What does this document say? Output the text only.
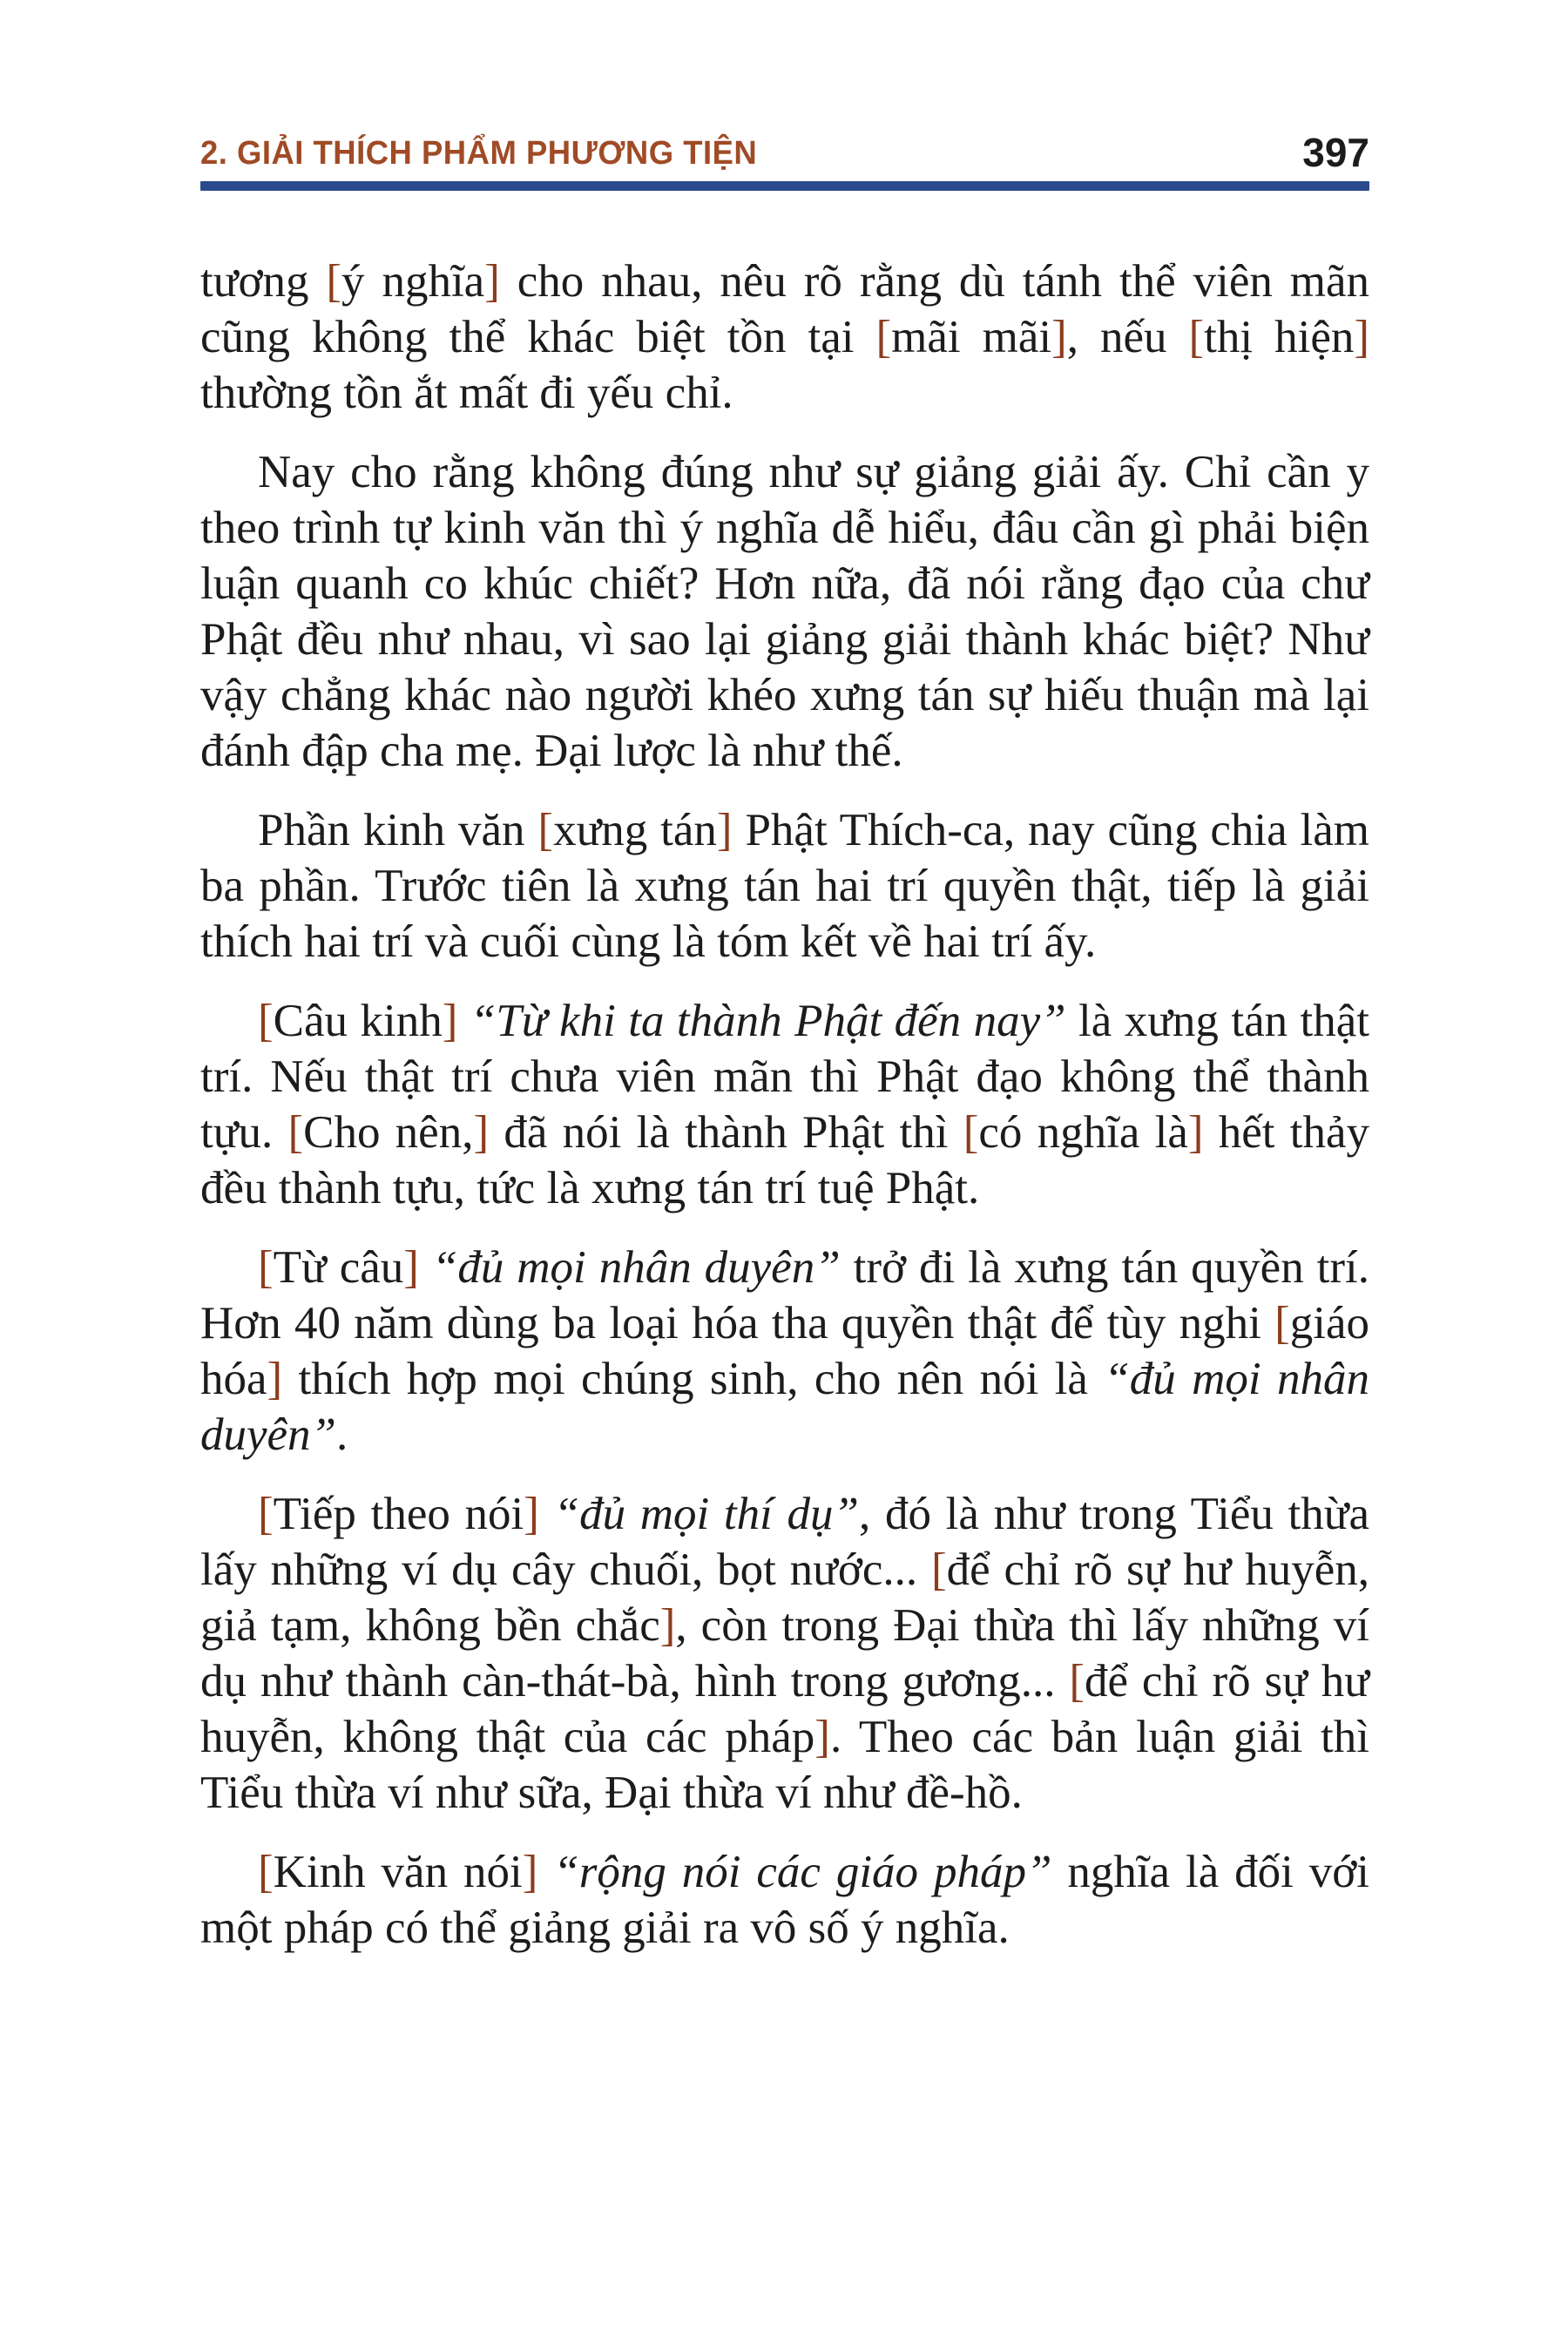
2. GIẢI THÍCH PHẨM PHƯƠNG TIỆN	397

tương [ý nghĩa] cho nhau, nêu rõ rằng dù tánh thể viên mãn cũng không thể khác biệt tồn tại [mãi mãi], nếu [thị hiện] thường tồn ắt mất đi yếu chỉ.

Nay cho rằng không đúng như sự giảng giải ấy. Chỉ cần y theo trình tự kinh văn thì ý nghĩa dễ hiểu, đâu cần gì phải biện luận quanh co khúc chiết? Hơn nữa, đã nói rằng đạo của chư Phật đều như nhau, vì sao lại giảng giải thành khác biệt? Như vậy chẳng khác nào người khéo xưng tán sự hiếu thuận mà lại đánh đập cha mẹ. Đại lược là như thế.

Phần kinh văn [xưng tán] Phật Thích-ca, nay cũng chia làm ba phần. Trước tiên là xưng tán hai trí quyền thật, tiếp là giải thích hai trí và cuối cùng là tóm kết về hai trí ấy.

[Câu kinh] “Từ khi ta thành Phật đến nay” là xưng tán thật trí. Nếu thật trí chưa viên mãn thì Phật đạo không thể thành tựu. [Cho nên,] đã nói là thành Phật thì [có nghĩa là] hết thảy đều thành tựu, tức là xưng tán trí tuệ Phật.

[Từ câu] “đủ mọi nhân duyên” trở đi là xưng tán quyền trí. Hơn 40 năm dùng ba loại hóa tha quyền thật để tùy nghi [giáo hóa] thích hợp mọi chúng sinh, cho nên nói là “đủ mọi nhân duyên”.

[Tiếp theo nói] “đủ mọi thí dụ”, đó là như trong Tiểu thừa lấy những ví dụ cây chuối, bọt nước... [để chỉ rõ sự hư huyễn, giả tạm, không bền chắc], còn trong Đại thừa thì lấy những ví dụ như thành càn-thát-bà, hình trong gương... [để chỉ rõ sự hư huyễn, không thật của các pháp]. Theo các bản luận giải thì Tiểu thừa ví như sữa, Đại thừa ví như đề-hồ.

[Kinh văn nói] “rộng nói các giáo pháp” nghĩa là đối với một pháp có thể giảng giải ra vô số ý nghĩa.
